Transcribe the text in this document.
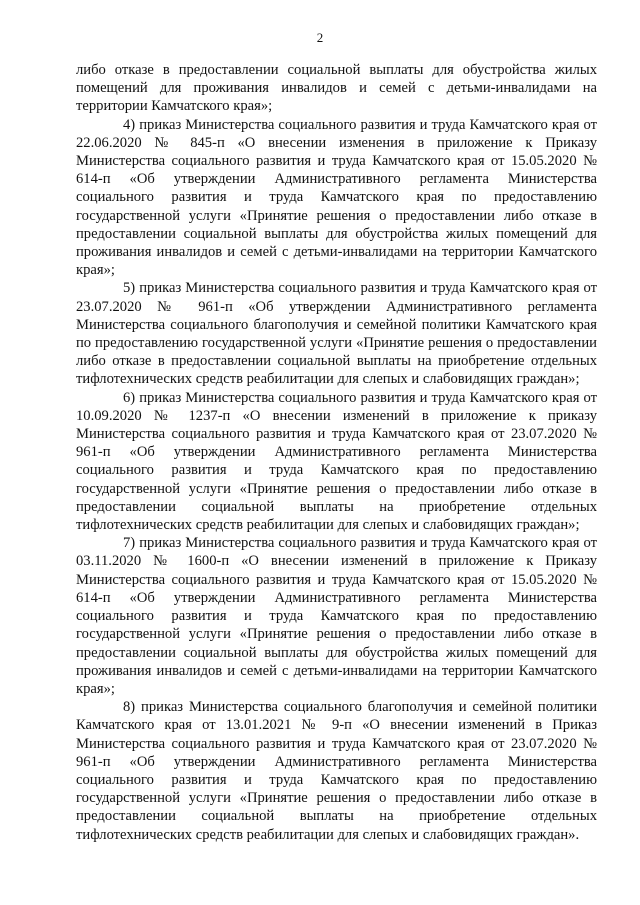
2

либо отказе в предоставлении социальной выплаты для обустройства жилых помещений для проживания инвалидов и семей с детьми-инвалидами на территории Камчатского края»;

4) приказ Министерства социального развития и труда Камчатского края от 22.06.2020 № 845-п «О внесении изменения в приложение к Приказу Министерства социального развития и труда Камчатского края от 15.05.2020 № 614-п «Об утверждении Административного регламента Министерства социального развития и труда Камчатского края по предоставлению государственной услуги «Принятие решения о предоставлении либо отказе в предоставлении социальной выплаты для обустройства жилых помещений для проживания инвалидов и семей с детьми-инвалидами на территории Камчатского края»;

5) приказ Министерства социального развития и труда Камчатского края от 23.07.2020 № 961-п «Об утверждении Административного регламента Министерства социального благополучия и семейной политики Камчатского края по предоставлению государственной услуги «Принятие решения о предоставлении либо отказе в предоставлении социальной выплаты на приобретение отдельных тифлотехнических средств реабилитации для слепых и слабовидящих граждан»;

6) приказ Министерства социального развития и труда Камчатского края от 10.09.2020 № 1237-п «О внесении изменений в приложение к приказу Министерства социального развития и труда Камчатского края от 23.07.2020 № 961-п «Об утверждении Административного регламента Министерства социального развития и труда Камчатского края по предоставлению государственной услуги «Принятие решения о предоставлении либо отказе в предоставлении социальной выплаты на приобретение отдельных тифлотехнических средств реабилитации для слепых и слабовидящих граждан»;

7) приказ Министерства социального развития и труда Камчатского края от 03.11.2020 № 1600-п «О внесении изменений в приложение к Приказу Министерства социального развития и труда Камчатского края от 15.05.2020 № 614-п «Об утверждении Административного регламента Министерства социального развития и труда Камчатского края по предоставлению государственной услуги «Принятие решения о предоставлении либо отказе в предоставлении социальной выплаты для обустройства жилых помещений для проживания инвалидов и семей с детьми-инвалидами на территории Камчатского края»;

8) приказ Министерства социального благополучия и семейной политики Камчатского края от 13.01.2021 № 9-п «О внесении изменений в Приказ Министерства социального развития и труда Камчатского края от 23.07.2020 № 961-п «Об утверждении Административного регламента Министерства социального развития и труда Камчатского края по предоставлению государственной услуги «Принятие решения о предоставлении либо отказе в предоставлении социальной выплаты на приобретение отдельных тифлотехнических средств реабилитации для слепых и слабовидящих граждан».
